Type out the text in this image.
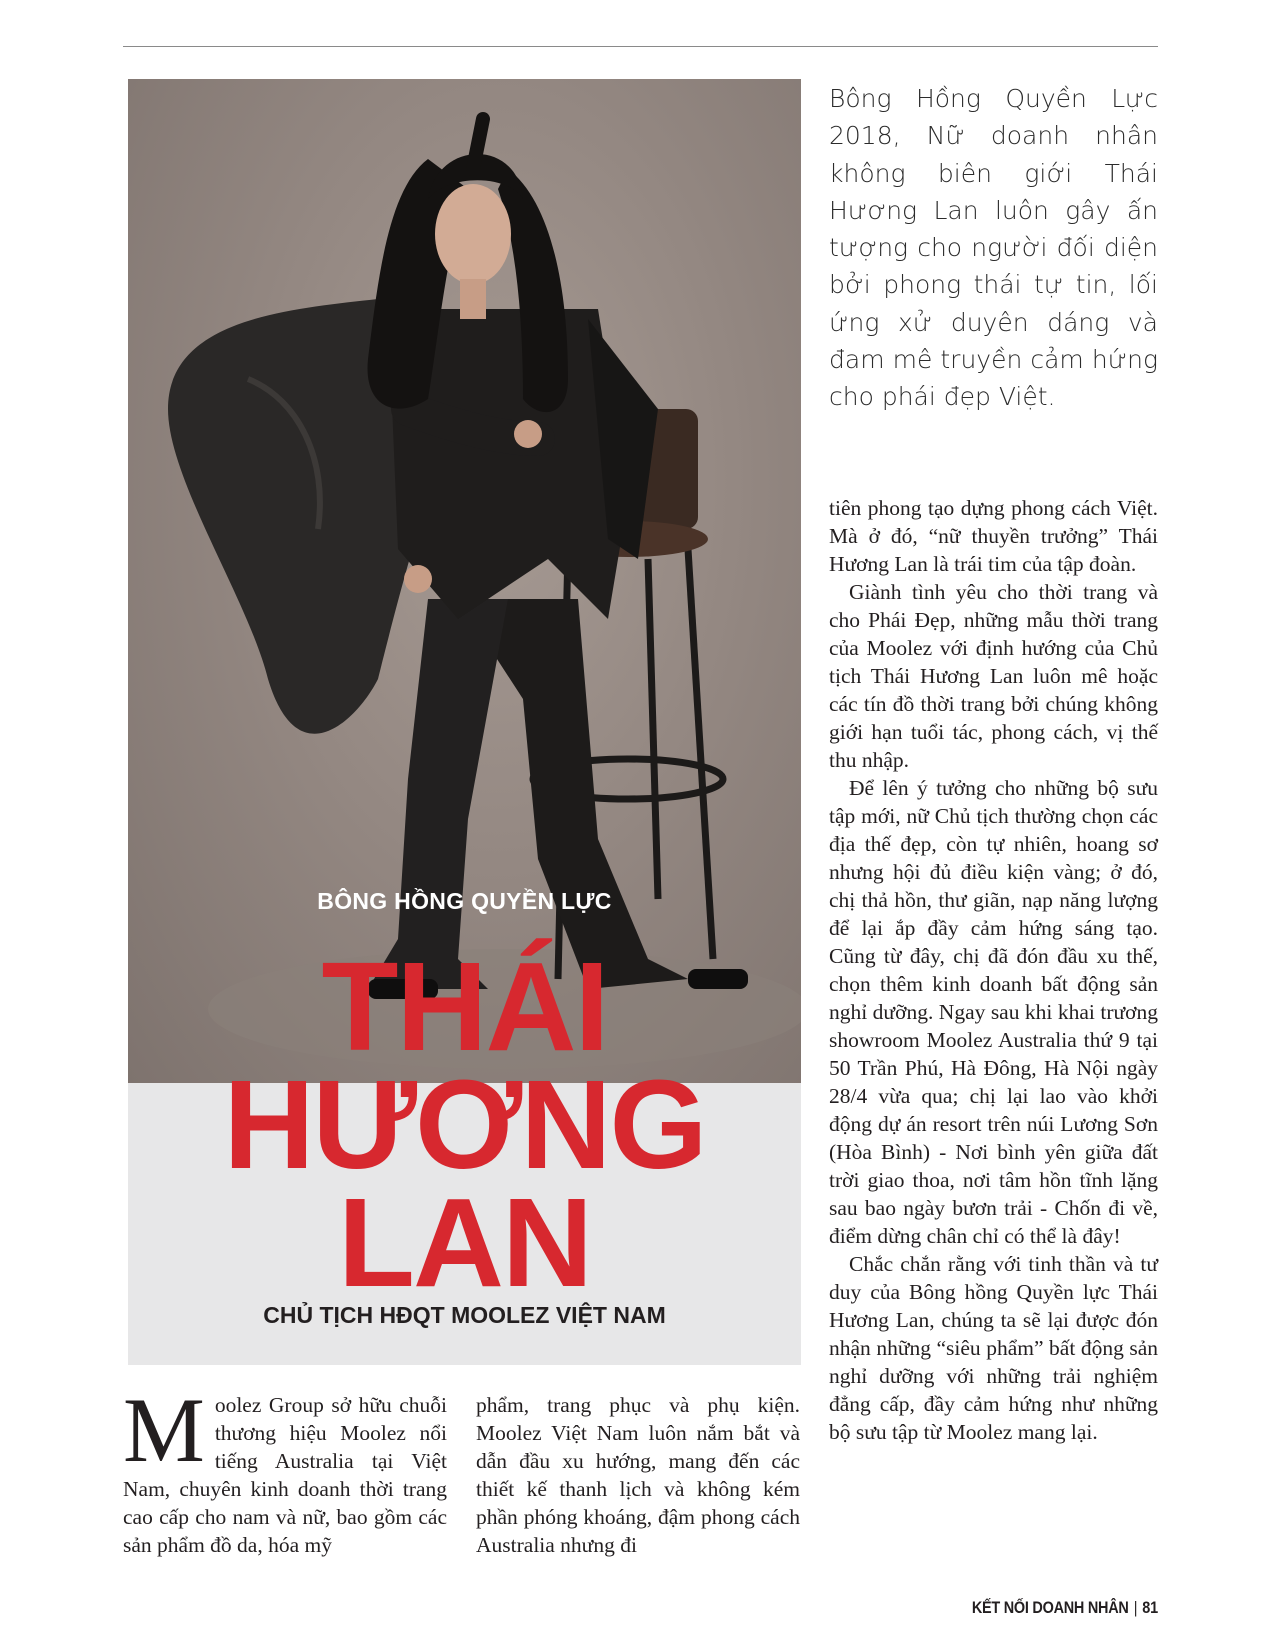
BÔNG HỒNG QUYỀN LỰC
THÁI
HƯƠNG
LAN
CHỦ TỊCH HĐQT MOOLEZ VIỆT NAM
Bông Hồng Quyền Lực 2018, Nữ doanh nhân không biên giới Thái Hương Lan luôn gây ấn tượng cho người đối diện bởi phong thái tự tin, lối ứng xử duyên dáng và đam mê truyền cảm hứng cho phái đẹp Việt.

tiên phong tạo dựng phong cách Việt. Mà ở đó, “nữ thuyền trưởng” Thái Hương Lan là trái tim của tập đoàn.

Giành tình yêu cho thời trang và cho Phái Đẹp, những mẫu thời trang của Moolez với định hướng của Chủ tịch Thái Hương Lan luôn mê hoặc các tín đồ thời trang bởi chúng không giới hạn tuổi tác, phong cách, vị thế thu nhập.

Để lên ý tưởng cho những bộ sưu tập mới, nữ Chủ tịch thường chọn các địa thế đẹp, còn tự nhiên, hoang sơ nhưng hội đủ điều kiện vàng; ở đó, chị thả hồn, thư giãn, nạp năng lượng để lại ắp đầy cảm hứng sáng tạo. Cũng từ đây, chị đã đón đầu xu thế, chọn thêm kinh doanh bất động sản nghỉ dưỡng. Ngay sau khi khai trương showroom Moolez Australia thứ 9 tại 50 Trần Phú, Hà Đông, Hà Nội ngày 28/4 vừa qua; chị lại lao vào khởi động dự án resort trên núi Lương Sơn (Hòa Bình) - Nơi bình yên giữa đất trời giao thoa, nơi tâm hồn tĩnh lặng sau bao ngày bươn trải - Chốn đi về, điểm dừng chân chỉ có thể là đây!

Chắc chắn rằng với tinh thần và tư duy của Bông hồng Quyền lực Thái Hương Lan, chúng ta sẽ lại được đón nhận những “siêu phẩm” bất động sản nghỉ dưỡng với những trải nghiệm đẳng cấp, đầy cảm hứng như những bộ sưu tập từ Moolez mang lại.

Moolez Group sở hữu chuỗi thương hiệu Moolez nổi tiếng Australia tại Việt Nam, chuyên kinh doanh thời trang cao cấp cho nam và nữ, bao gồm các sản phẩm đồ da, hóa mỹ

phẩm, trang phục và phụ kiện. Moolez Việt Nam luôn nắm bắt và dẫn đầu xu hướng, mang đến các thiết kế thanh lịch và không kém phần phóng khoáng, đậm phong cách Australia nhưng đi

KẾT NỐI DOANH NHÂN | 81
